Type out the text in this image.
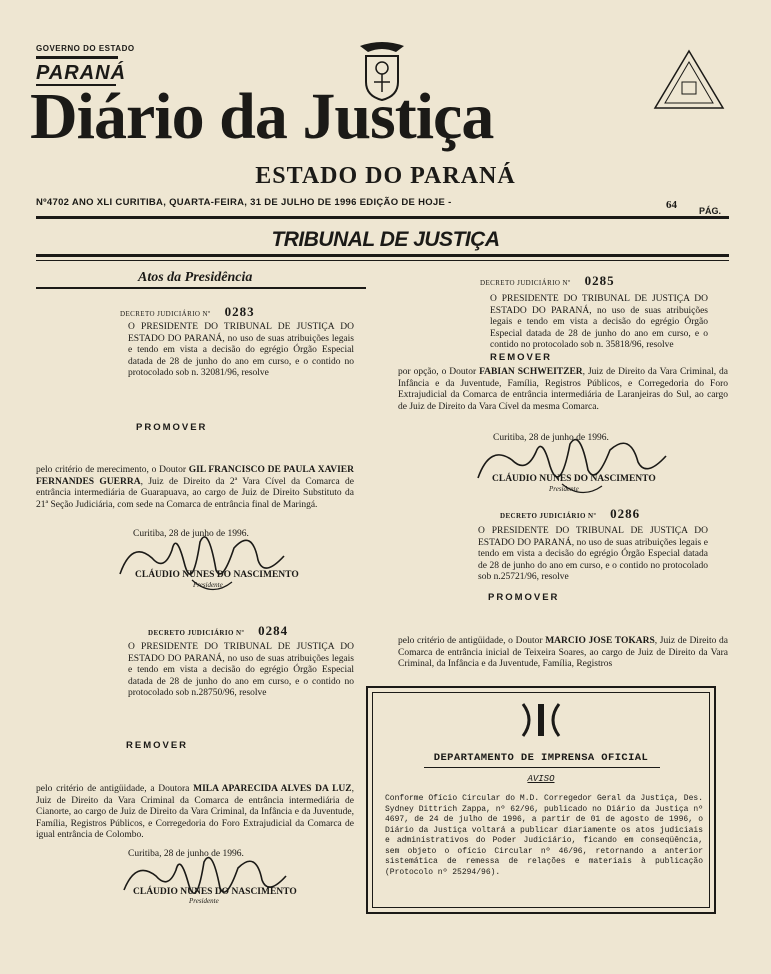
GOVERNO DO ESTADO
PARANÁ
Diário da Justiça
ESTADO DO PARANÁ
Nº4702 ANO XLI CURITIBA, QUARTA-FEIRA, 31 DE JULHO DE 1996 EDIÇÃO DE HOJE -	64 PÁG.
TRIBUNAL DE JUSTIÇA
Atos da Presidência
DECRETO JUDICIÁRIO Nº 0283

O PRESIDENTE DO TRIBUNAL DE JUSTIÇA DO ESTADO DO PARANÁ, no uso de suas atribuições legais e tendo em vista a decisão do egrégio Órgão Especial datada de 28 de junho do ano em curso, e o contido no protocolado sob n. 32081/96, resolve

PROMOVER

pelo critério de merecimento, o Doutor GIL FRANCISCO DE PAULA XAVIER FERNANDES GUERRA, Juiz de Direito da 2ª Vara Cível da Comarca de entrância intermediária de Guarapuava, ao cargo de Juiz de Direito Substituto da 21ª Seção Judiciária, com sede na Comarca de entrância final de Maringá.

Curitiba, 28 de junho de 1996.
CLÁUDIO NUNES DO NASCIMENTO
Presidente
DECRETO JUDICIÁRIO Nº 0284

O PRESIDENTE DO TRIBUNAL DE JUSTIÇA DO ESTADO DO PARANÁ, no uso de suas atribuições legais e tendo em vista a decisão do egrégio Órgão Especial datada de 28 de junho do ano em curso, e o contido no protocolado sob n.28750/96, resolve

REMOVER

pelo critério de antigüidade, a Doutora MILA APARECIDA ALVES DA LUZ, Juiz de Direito da Vara Criminal da Comarca de entrância intermediária de Cianorte, ao cargo de Juiz de Direito da Vara Criminal, da Infância e da Juventude, Família, Registros Públicos, e Corregedoria do Foro Extrajudicial da Comarca de igual entrância de Colombo.

Curitiba, 28 de junho de 1996.
CLÁUDIO NUNES DO NASCIMENTO
Presidente
DECRETO JUDICIÁRIO Nº 0285

O PRESIDENTE DO TRIBUNAL DE JUSTIÇA DO ESTADO DO PARANÁ, no uso de suas atribuições legais e tendo em vista a decisão do egrégio Órgão Especial datada de 28 de junho do ano em curso, e o contido no protocolado sob n. 35818/96, resolve

REMOVER

por opção, o Doutor FABIAN SCHWEITZER, Juiz de Direito da Vara Criminal, da Infância e da Juventude, Família, Registros Públicos, e Corregedoria do Foro Extrajudicial da Comarca de entrância intermediária de Laranjeiras do Sul, ao cargo de Juiz de Direito da Vara Cível da mesma Comarca.

Curitiba, 28 de junho de 1996.
CLÁUDIO NUNES DO NASCIMENTO
Presidente
DECRETO JUDICIÁRIO Nº 0286

O PRESIDENTE DO TRIBUNAL DE JUSTIÇA DO ESTADO DO PARANÁ, no uso de suas atribuições legais e tendo em vista a decisão do egrégio Órgão Especial datada de 28 de junho do ano em curso, e o contido no protocolado sob n.25721/96, resolve

PROMOVER

pelo critério de antigüidade, o Doutor MÁRCIO JOSÉ TOKARS, Juiz de Direito da Comarca de entrância inicial de Teixeira Soares, ao cargo de Juiz de Direito da Vara Criminal, da Infância e da Juventude, Família, Registros

DEPARTAMENTO DE IMPRENSA OFICIAL
AVISO

Conforme Ofício Circular do M.D. Corregedor Geral da Justiça, Des. Sydney Dittrich Zappa, nº 62/96, publicado no Diário da Justiça nº 4697, de 24 de julho de 1996, a partir de 01 de agosto de 1996, o Diário da Justiça voltará a publicar diariamente os atos judiciais e administrativos do Poder Judiciário, ficando em conseqüência, sem objeto o ofício Circular nº 46/96, retornando a anterior sistemática de remessa de relações e materiais à publicação (Protocolo nº 25294/96).
